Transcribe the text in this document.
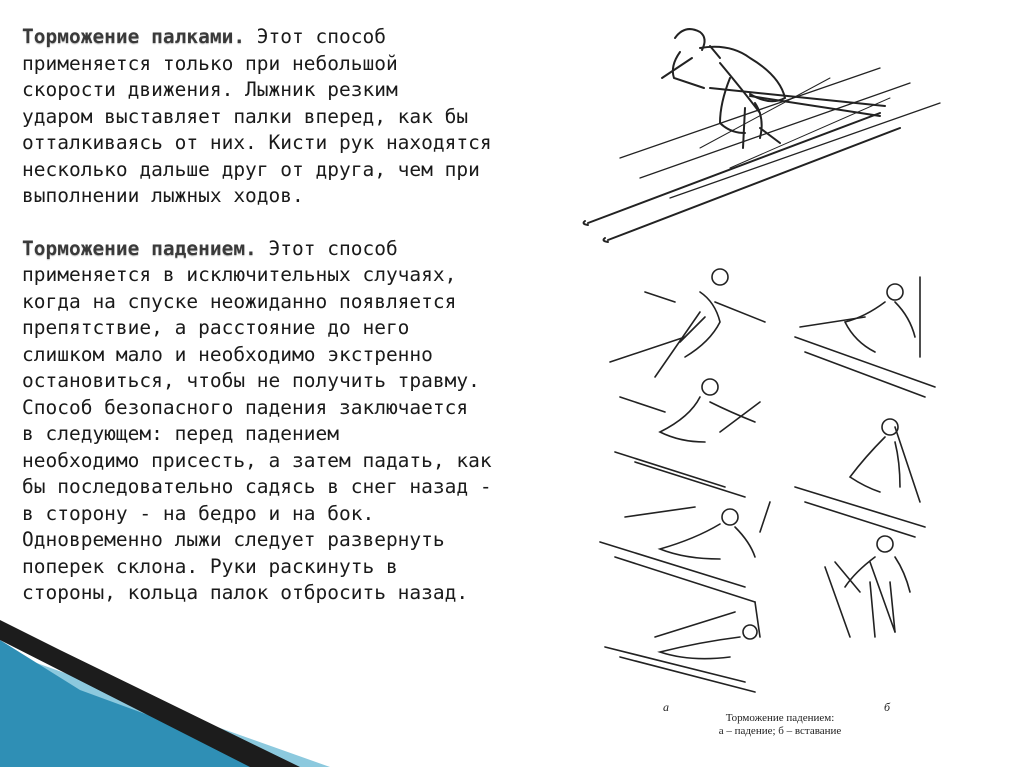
Торможение палками. Этот способ
применяется только при небольшой
скорости движения. Лыжник резким
ударом выставляет палки вперед, как бы
отталкиваясь от них. Кисти рук находятся
несколько дальше друг от друга, чем при
выполнении лыжных ходов.

Торможение падением. Этот способ
применяется в исключительных случаях,
когда на спуске неожиданно появляется
препятствие, а расстояние до него
слишком мало и необходимо экстренно
остановиться, чтобы не получить травму.
Способ безопасного падения заключается
в следующем: перед падением
необходимо присесть, а затем падать, как
бы последовательно садясь в снег назад -
в сторону - на бедро и на бок.
Одновременно лыжи следует развернуть
поперек склона. Руки раскинуть в
стороны, кольца палок отбросить назад.

а	б
Торможение падением:
а – падение; б – вставание
